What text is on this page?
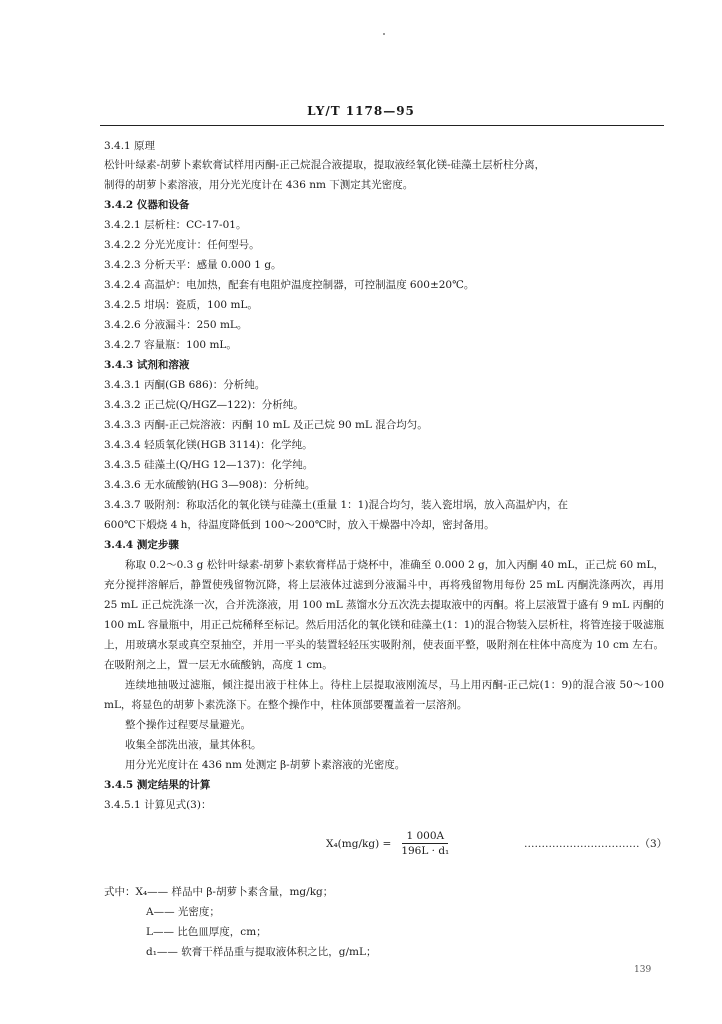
LY/T 1178—95
3.4.1 原理
松针叶绿素-胡萝卜素软膏试样用丙酮-正己烷混合液提取，提取液经氧化镁-硅藻土层析柱分离，
制得的胡萝卜素溶液，用分光光度计在 436 nm 下测定其光密度。
3.4.2 仪器和设备
3.4.2.1 层析柱：CC-17-01。
3.4.2.2 分光光度计：任何型号。
3.4.2.3 分析天平：感量 0.000 1 g。
3.4.2.4 高温炉：电加热，配套有电阻炉温度控制器，可控制温度 600±20℃。
3.4.2.5 坩埚：瓷质，100 mL。
3.4.2.6 分液漏斗：250 mL。
3.4.2.7 容量瓶：100 mL。
3.4.3 试剂和溶液
3.4.3.1 丙酮(GB 686)：分析纯。
3.4.3.2 正己烷(Q/HGZ—122)：分析纯。
3.4.3.3 丙酮-正己烷溶液：丙酮 10 mL 及正己烷 90 mL 混合均匀。
3.4.3.4 轻质氧化镁(HGB 3114)：化学纯。
3.4.3.5 硅藻土(Q/HG 12—137)：化学纯。
3.4.3.6 无水硫酸钠(HG 3—908)：分析纯。
3.4.3.7 吸附剂：称取活化的氧化镁与硅藻土(重量 1：1)混合均匀，装入瓷坩埚，放入高温炉内，在
600℃下煅烧 4 h，待温度降低到 100～200℃时，放入干燥器中冷却，密封备用。
3.4.4 测定步骤
称取 0.2～0.3 g 松针叶绿素-胡萝卜素软膏样品于烧杯中，准确至 0.000 2 g，加入丙酮 40 mL，正己烷 60 mL，充分搅拌溶解后，静置使残留物沉降，将上层液体过滤到分液漏斗中，再将残留物用每份 25 mL 丙酮洗涤两次，再用 25 mL 正己烷洗涤一次，合并洗涤液，用 100 mL 蒸馏水分五次洗去提取液中的丙酮。将上层液置于盛有 9 mL 丙酮的 100 mL 容量瓶中，用正己烷稀释至标记。然后用活化的氧化镁和硅藻土(1：1)的混合物装入层析柱，将管连接于吸滤瓶上，用玻璃水泵或真空泵抽空，并用一平头的装置轻轻压实吸附剂，使表面平整，吸附剂在柱体中高度为 10 cm 左右。在吸附剂之上，置一层无水硫酸钠，高度 1 cm。
连续地抽吸过滤瓶，倾注提出液于柱体上。待柱上层提取液刚流尽，马上用丙酮-正己烷(1：9)的混合液 50～100 mL，将显色的胡萝卜素洗涤下。在整个操作中，柱体顶部要覆盖着一层溶剂。
整个操作过程要尽量避光。
收集全部洗出液，量其体积。
用分光光度计在 436 nm 处测定 β-胡萝卜素溶液的光密度。
3.4.5 测定结果的计算
3.4.5.1 计算见式(3)：
$X_4(mg/kg) = \frac{1 000A}{\text{196L · d₁}}$	……………………………（3）
式中：X₄—— 样品中 β-胡萝卜素含量，mg/kg；
A—— 光密度；
L—— 比色皿厚度，cm；
d₁—— 软膏干样品重与提取液体积之比，g/mL；
139
